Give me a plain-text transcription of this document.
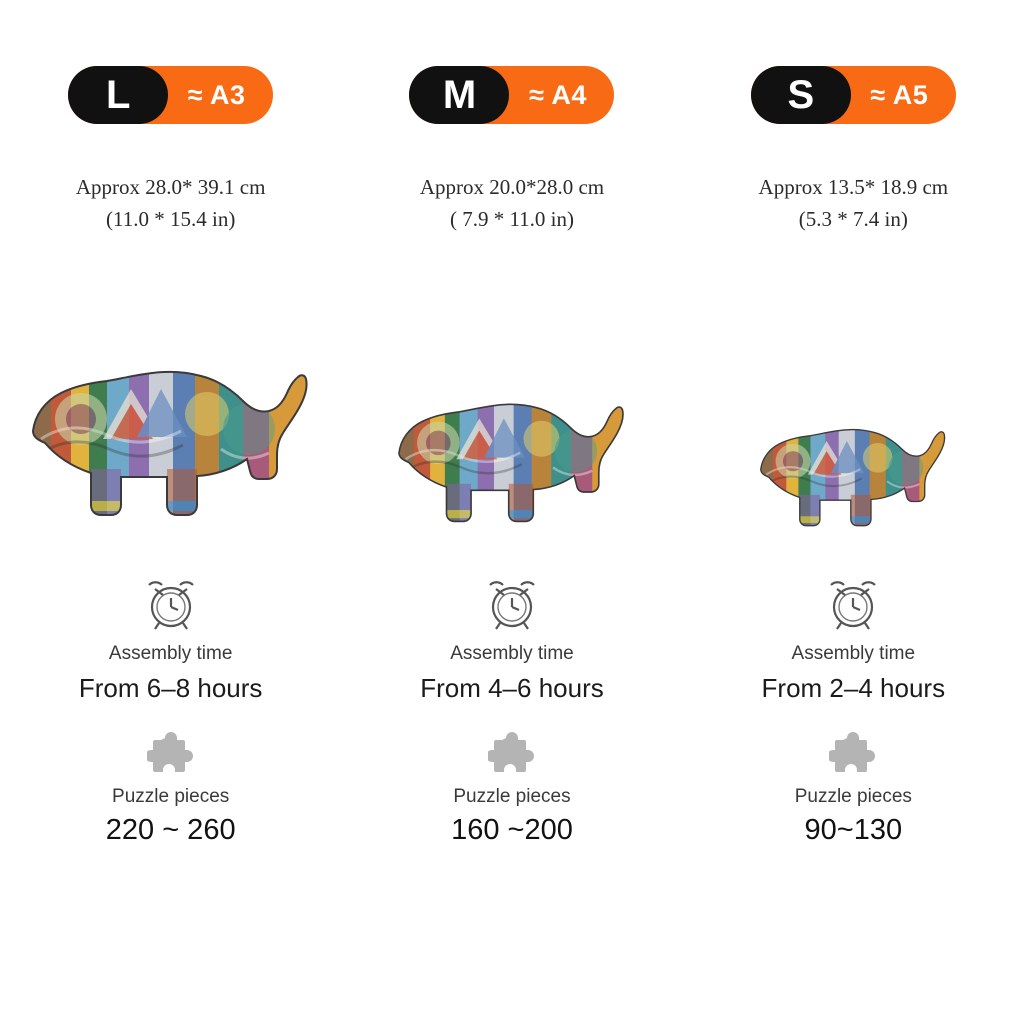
L	≈ A3
Approx 28.0* 39.1 cm
(11.0 * 15.4 in)
Assembly time
From 6–8 hours
Puzzle pieces
220 ~ 260
M	≈ A4
Approx 20.0*28.0 cm
( 7.9 * 11.0 in)
Assembly time
From 4–6 hours
Puzzle pieces
160 ~200
S	≈ A5
Approx 13.5* 18.9 cm
(5.3 * 7.4 in)
Assembly time
From 2–4 hours
Puzzle pieces
90~130
